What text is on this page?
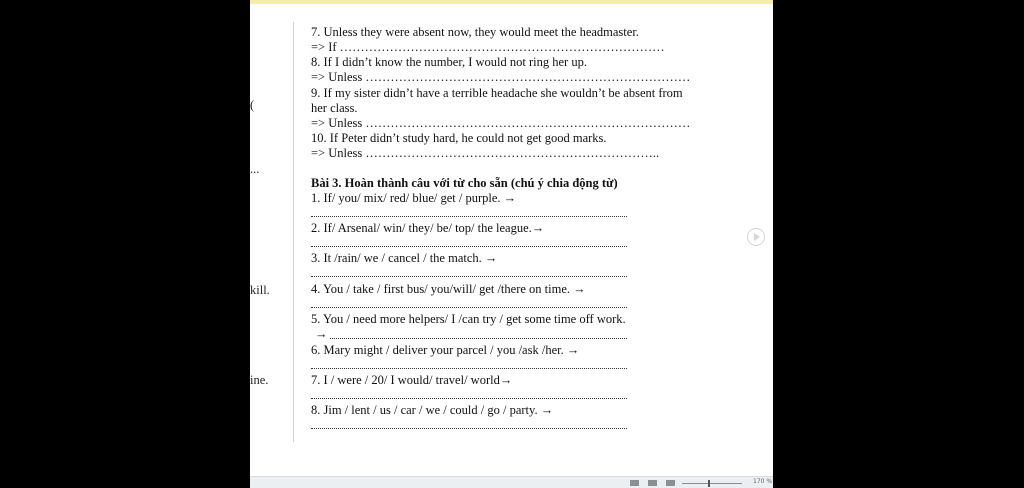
(
...
kill.
ine.
7. Unless they were absent now, they would meet the headmaster.
=> If ……………………………………………………………………
8. If I didn’t know the number, I would not ring her up.
=> Unless ……………………………………………………………………
9. If my sister didn’t have a terrible headache she wouldn’t be absent from
her class.
=> Unless ……………………………………………………………………
10. If Peter didn’t study hard, he could not get good marks.
=> Unless ……………………………………………………………..
Bài 3. Hoàn thành câu với từ cho sẵn (chú ý chia động từ)
1. If/ you/ mix/ red/ blue/ get / purple. →
2. If/ Arsenal/ win/ they/ be/ top/ the league.→
3. It /rain/ we / cancel / the match. →
4. You / take / first bus/ you/will/ get /there on time. →
5. You / need more helpers/ I /can try / get some time off work.
→
6. Mary might / deliver your parcel / you /ask /her. →
7. I / were / 20/ I would/ travel/ world→
8. Jim / lent / us / car / we / could / go / party. →
170 %
